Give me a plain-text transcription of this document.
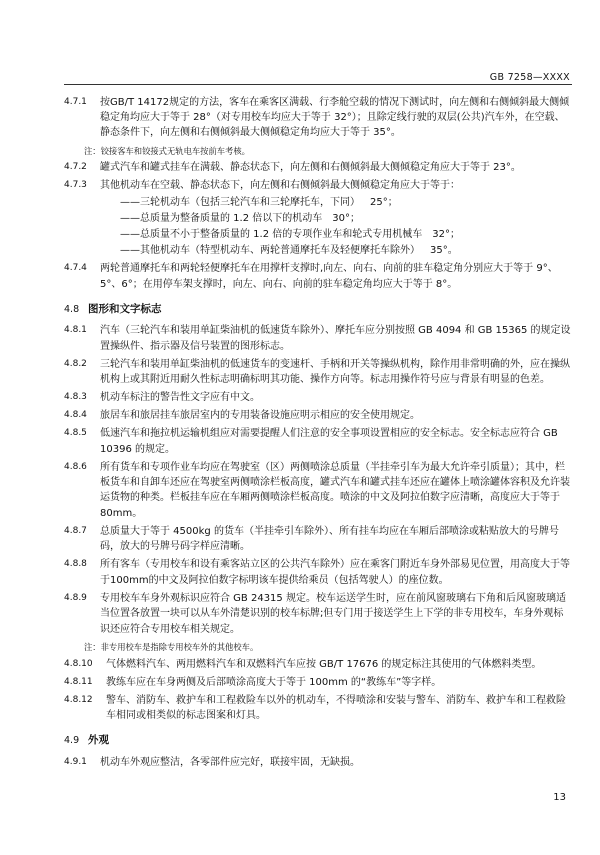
GB 7258—XXXX
4.7.1	按GB/T 14172规定的方法，客车在乘客区满载、行李舱空载的情况下测试时，向左侧和右侧倾斜最大侧倾稳定角均应大于等于 28°（对专用校车均应大于等于 32°）；且除定线行驶的双层(公共)汽车外，在空载、静态条件下，向左侧和右侧倾斜最大侧倾稳定角均应大于等于 35°。
注：铰接客车和铰接式无轨电车按前车考核。
4.7.2	罐式汽车和罐式挂车在满载、静态状态下，向左侧和右侧倾斜最大侧倾稳定角应大于等于 23°。
4.7.3	其他机动车在空载、静态状态下，向左侧和右侧倾斜最大侧倾稳定角应大于等于：
——三轮机动车（包括三轮汽车和三轮摩托车，下同） 25°；
——总质量为整备质量的 1.2 倍以下的机动车 30°；
——总质量不小于整备质量的 1.2 倍的专项作业车和轮式专用机械车 32°；
——其他机动车（特型机动车、两轮普通摩托车及轻便摩托车除外） 35°。
4.7.4	两轮普通摩托车和两轮轻便摩托车在用撑杆支撑时,向左、向右、向前的驻车稳定角分别应大于等于 9°、5°、6°；在用停车架支撑时，向左、向右、向前的驻车稳定角均应大于等于 8°。
4.8 图形和文字标志
4.8.1	汽车（三轮汽车和装用单缸柴油机的低速货车除外）、摩托车应分别按照 GB 4094 和 GB 15365 的规定设置操纵件、指示器及信号装置的图形标志。
4.8.2	三轮汽车和装用单缸柴油机的低速货车的变速杆、手柄和开关等操纵机构，除作用非常明确的外，应在操纵机构上或其附近用耐久性标志明确标明其功能、操作方向等。标志用操作符号应与背景有明显的色差。
4.8.3	机动车标注的警告性文字应有中文。
4.8.4	旅居车和旅居挂车旅居室内的专用装备设施应明示相应的安全使用规定。
4.8.5	低速汽车和拖拉机运输机组应对需要提醒人们注意的安全事项设置相应的安全标志。安全标志应符合 GB 10396 的规定。
4.8.6	所有货车和专项作业车均应在驾驶室（区）两侧喷涂总质量（半挂牵引车为最大允许牵引质量）；其中，栏板货车和自卸车还应在驾驶室两侧喷涂栏板高度，罐式汽车和罐式挂车还应在罐体上喷涂罐体容积及允许装运货物的种类。栏板挂车应在车厢两侧喷涂栏板高度。喷涂的中文及阿拉伯数字应清晰，高度应大于等于 80mm。
4.8.7	总质量大于等于 4500kg 的货车（半挂牵引车除外）、所有挂车均应在车厢后部喷涂或粘贴放大的号牌号码，放大的号牌号码字样应清晰。
4.8.8	所有客车（专用校车和设有乘客站立区的公共汽车除外）应在乘客门附近车身外部易见位置，用高度大于等于100mm的中文及阿拉伯数字标明该车提供给乘员（包括驾驶人）的座位数。
4.8.9	专用校车车身外观标识应符合 GB 24315 规定。校车运送学生时，应在前风窗玻璃右下角和后风窗玻璃适当位置各放置一块可以从车外清楚识别的校车标牌;但专门用于接送学生上下学的非专用校车，车身外观标识还应符合专用校车相关规定。
注：非专用校车是指除专用校车外的其他校车。
4.8.10	气体燃料汽车、两用燃料汽车和双燃料汽车应按 GB/T 17676 的规定标注其使用的气体燃料类型。
4.8.11	教练车应在车身两侧及后部喷涂高度大于等于 100mm 的“教练车”等字样。
4.8.12	警车、消防车、救护车和工程救险车以外的机动车，不得喷涂和安装与警车、消防车、救护车和工程救险车相同或相类似的标志图案和灯具。
4.9 外观
4.9.1	机动车外观应整洁，各零部件应完好，联接牢固，无缺损。
13
